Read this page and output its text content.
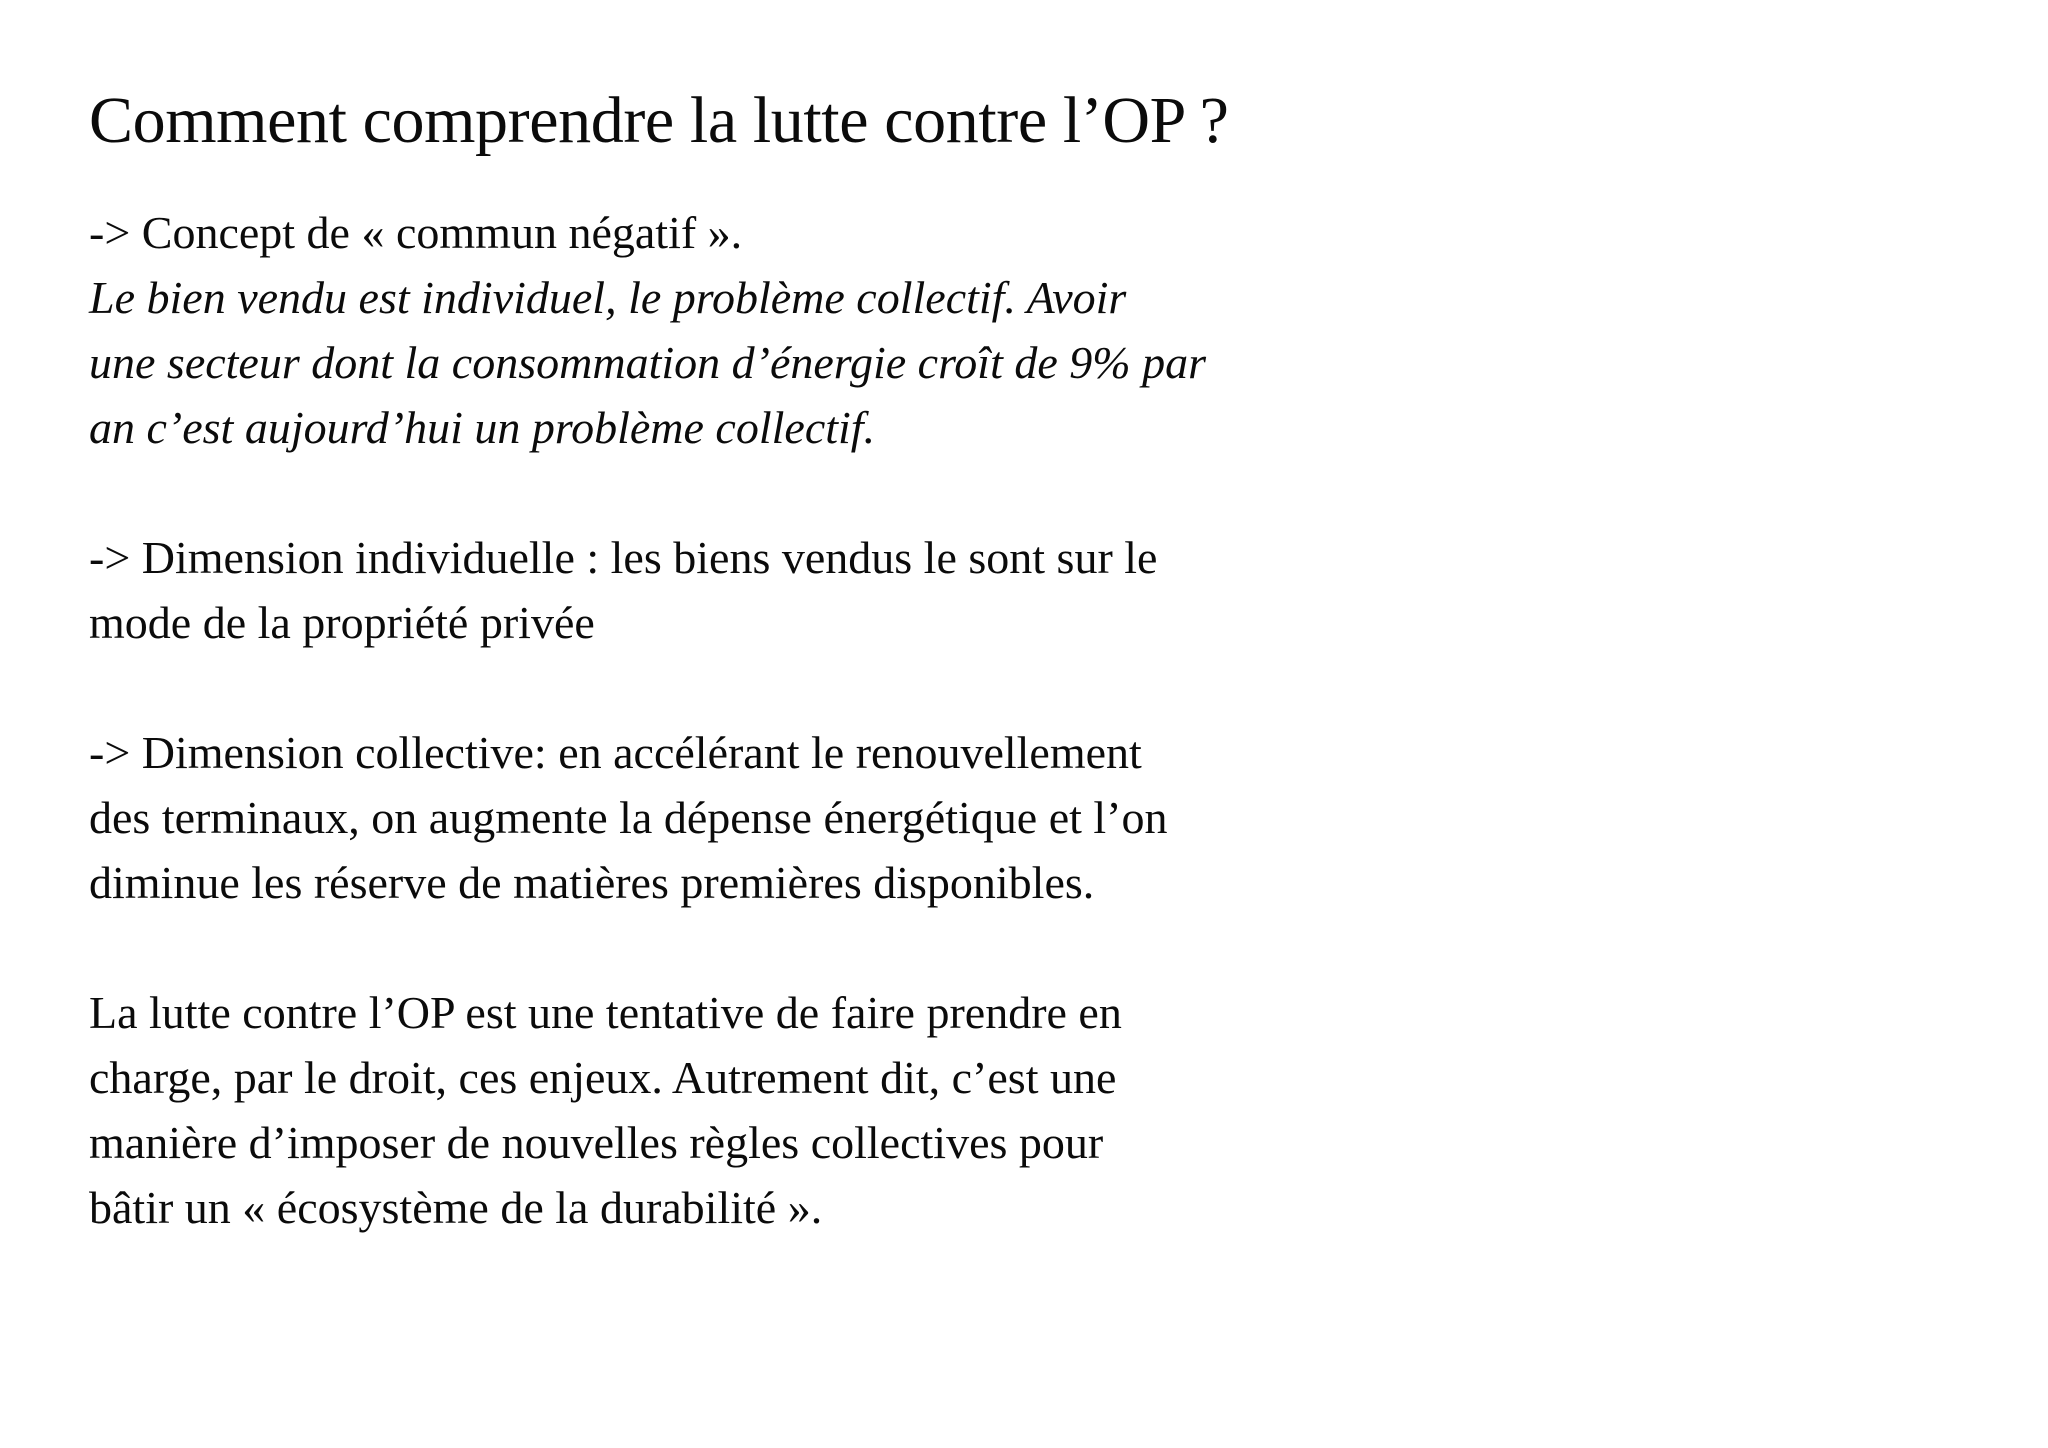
Comment comprendre la lutte contre l’OP ?
-> Concept de « commun négatif ».
Le bien vendu est individuel, le problème collectif. Avoir
une secteur dont la consommation d’énergie croît de 9% par
an c’est aujourd’hui un problème collectif.
-> Dimension individuelle : les biens vendus le sont sur le
mode de la propriété privée
-> Dimension collective: en accélérant le renouvellement
des terminaux, on augmente la dépense énergétique et l’on
diminue les réserve de matières premières disponibles.
La lutte contre l’OP est une tentative de faire prendre en
charge, par le droit, ces enjeux. Autrement dit, c’est une
manière d’imposer de nouvelles règles collectives pour
bâtir un « écosystème de la durabilité ».
